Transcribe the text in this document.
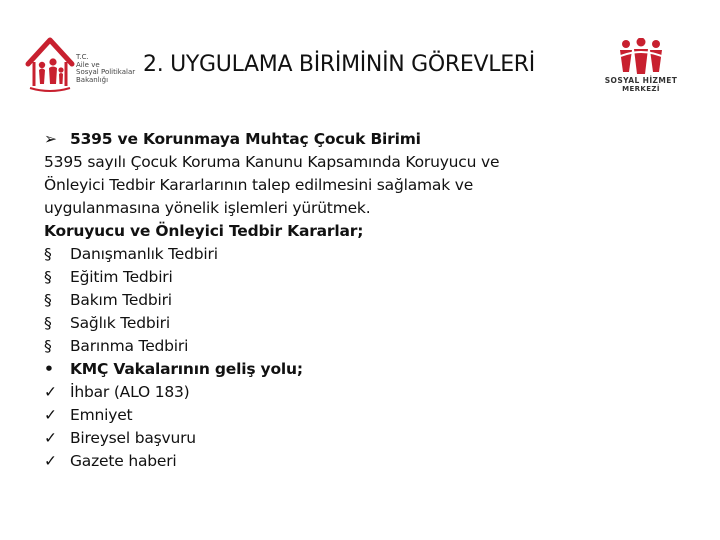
T.C.
Aile ve
Sosyal Politikalar
Bakanlığı
2. UYGULAMA BİRİMİNİN GÖREVLERİ
SOSYAL HİZMET
MERKEZİ
➢ 5395 ve Korunmaya Muhtaç Çocuk Birimi
5395 sayılı Çocuk Koruma Kanunu Kapsamında Koruyucu ve
Önleyici Tedbir Kararlarının talep edilmesini sağlamak ve
uygulanmasına yönelik işlemleri yürütmek.
Koruyucu ve Önleyici Tedbir Kararlar;
§	Danışmanlık Tedbiri
§	Eğitim Tedbiri
§	Bakım Tedbiri
§	Sağlık Tedbiri
§	Barınma Tedbiri
•	KMÇ Vakalarının geliş yolu;
✓ İhbar (ALO 183)
✓ Emniyet
✓ Bireysel başvuru
✓ Gazete haberi
